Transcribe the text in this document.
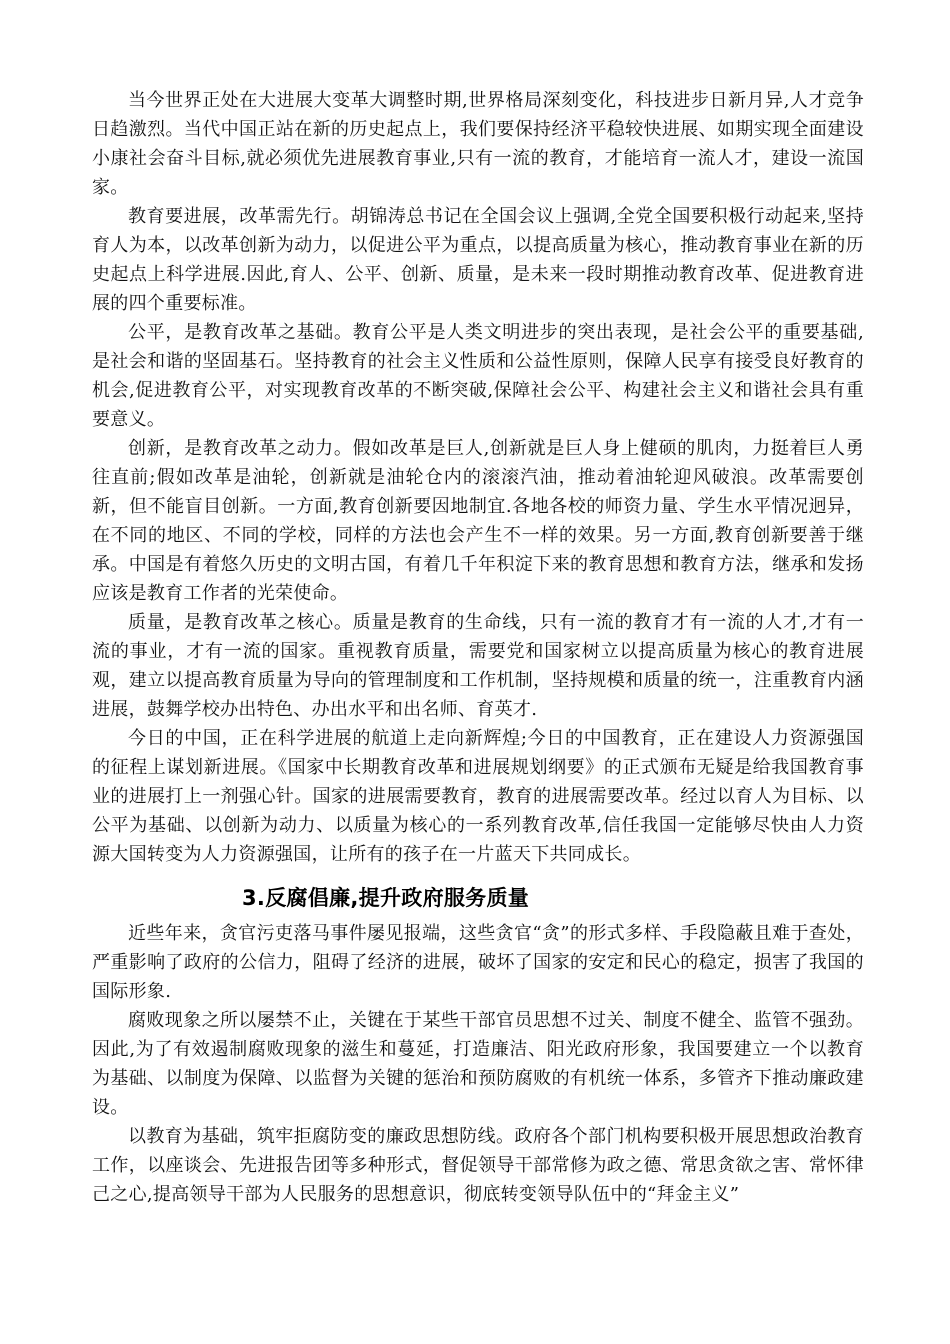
当今世界正处在大进展大变革大调整时期,世界格局深刻变化，科技进步日新月异,人才竞争日趋激烈。当代中国正站在新的历史起点上，我们要保持经济平稳较快进展、如期实现全面建设小康社会奋斗目标,就必须优先进展教育事业,只有一流的教育，才能培育一流人才，建设一流国家。

教育要进展，改革需先行。胡锦涛总书记在全国会议上强调,全党全国要积极行动起来,坚持育人为本，以改革创新为动力，以促进公平为重点，以提高质量为核心，推动教育事业在新的历史起点上科学进展.因此,育人、公平、创新、质量，是未来一段时期推动教育改革、促进教育进展的四个重要标准。

公平，是教育改革之基础。教育公平是人类文明进步的突出表现，是社会公平的重要基础,是社会和谐的坚固基石。坚持教育的社会主义性质和公益性原则，保障人民享有接受良好教育的机会,促进教育公平，对实现教育改革的不断突破,保障社会公平、构建社会主义和谐社会具有重要意义。

创新，是教育改革之动力。假如改革是巨人,创新就是巨人身上健硕的肌肉，力挺着巨人勇往直前;假如改革是油轮，创新就是油轮仓内的滚滚汽油，推动着油轮迎风破浪。改革需要创新，但不能盲目创新。一方面,教育创新要因地制宜.各地各校的师资力量、学生水平情况迥异，在不同的地区、不同的学校，同样的方法也会产生不一样的效果。另一方面,教育创新要善于继承。中国是有着悠久历史的文明古国，有着几千年积淀下来的教育思想和教育方法，继承和发扬应该是教育工作者的光荣使命。

质量，是教育改革之核心。质量是教育的生命线，只有一流的教育才有一流的人才,才有一流的事业，才有一流的国家。重视教育质量，需要党和国家树立以提高质量为核心的教育进展观，建立以提高教育质量为导向的管理制度和工作机制，坚持规模和质量的统一，注重教育内涵进展，鼓舞学校办出特色、办出水平和出名师、育英才.

今日的中国，正在科学进展的航道上走向新辉煌;今日的中国教育，正在建设人力资源强国的征程上谋划新进展。《国家中长期教育改革和进展规划纲要》的正式颁布无疑是给我国教育事业的进展打上一剂强心针。国家的进展需要教育，教育的进展需要改革。经过以育人为目标、以公平为基础、以创新为动力、以质量为核心的一系列教育改革,信任我国一定能够尽快由人力资源大国转变为人力资源强国，让所有的孩子在一片蓝天下共同成长。

3.反腐倡廉,提升政府服务质量

近些年来，贪官污吏落马事件屡见报端，这些贪官“贪”的形式多样、手段隐蔽且难于查处，严重影响了政府的公信力，阻碍了经济的进展，破坏了国家的安定和民心的稳定，损害了我国的国际形象.

腐败现象之所以屡禁不止，关键在于某些干部官员思想不过关、制度不健全、监管不强劲。因此,为了有效遏制腐败现象的滋生和蔓延，打造廉洁、阳光政府形象，我国要建立一个以教育为基础、以制度为保障、以监督为关键的惩治和预防腐败的有机统一体系，多管齐下推动廉政建设。

以教育为基础，筑牢拒腐防变的廉政思想防线。政府各个部门机构要积极开展思想政治教育工作，以座谈会、先进报告团等多种形式，督促领导干部常修为政之德、常思贪欲之害、常怀律己之心,提高领导干部为人民服务的思想意识，彻底转变领导队伍中的“拜金主义”
